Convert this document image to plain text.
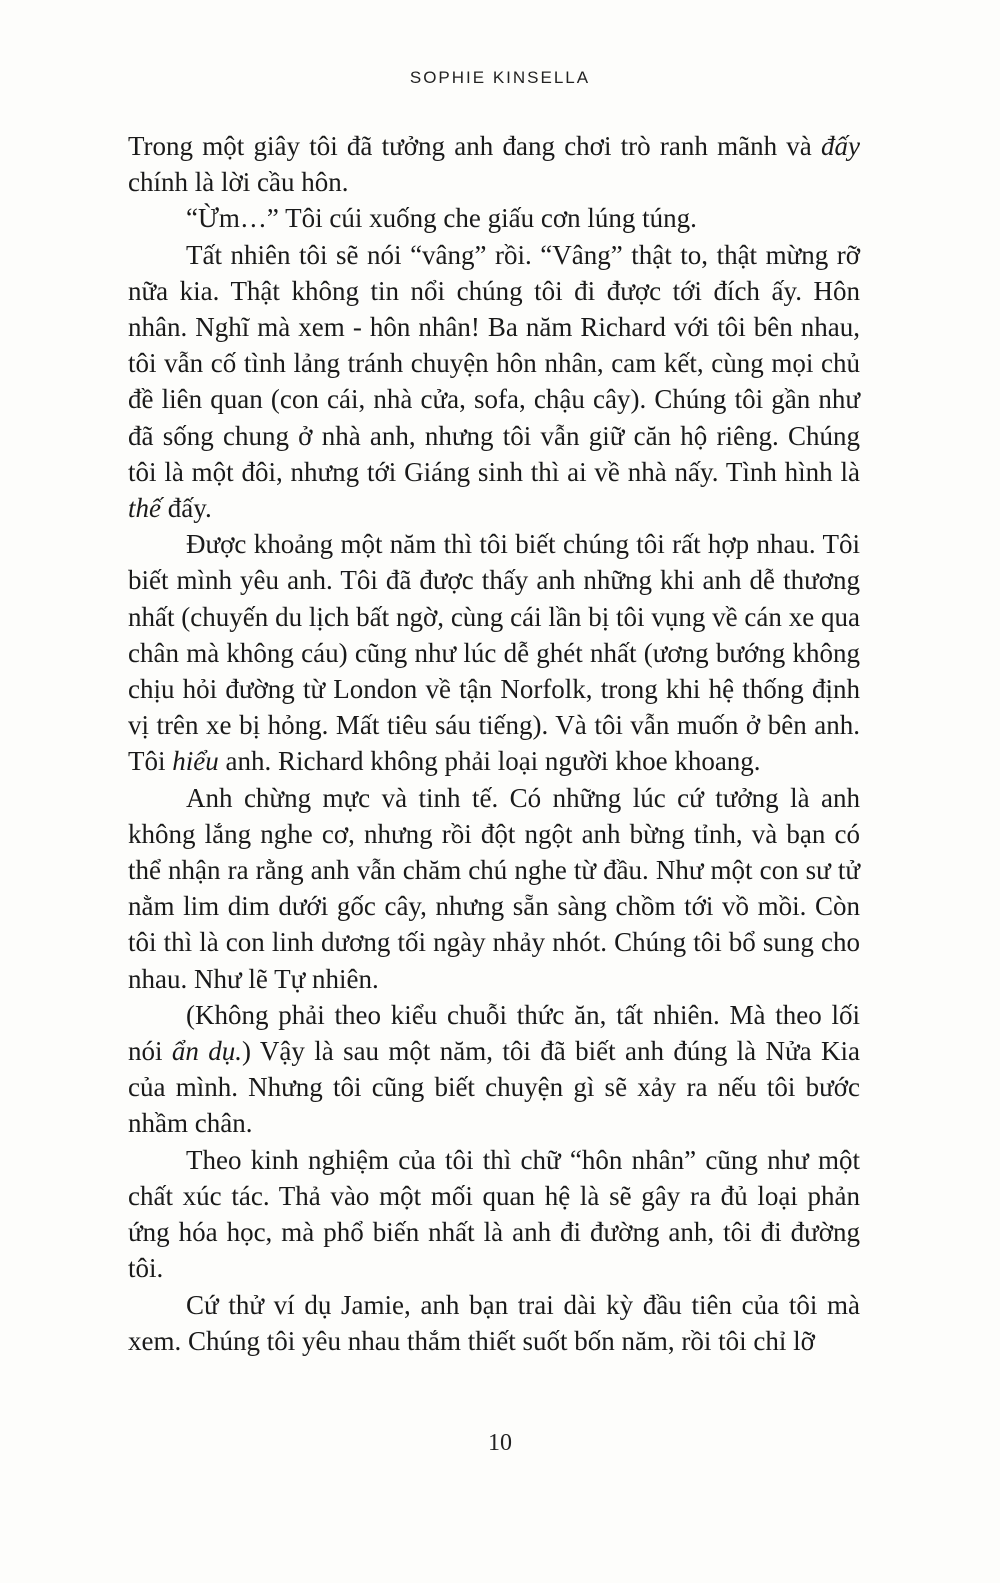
SOPHIE KINSELLA

Trong một giây tôi đã tưởng anh đang chơi trò ranh mãnh và đấy chính là lời cầu hôn.

“Ừm…” Tôi cúi xuống che giấu cơn lúng túng.

Tất nhiên tôi sẽ nói “vâng” rồi. “Vâng” thật to, thật mừng rỡ nữa kia. Thật không tin nổi chúng tôi đi được tới đích ấy. Hôn nhân. Nghĩ mà xem - hôn nhân! Ba năm Richard với tôi bên nhau, tôi vẫn cố tình lảng tránh chuyện hôn nhân, cam kết, cùng mọi chủ đề liên quan (con cái, nhà cửa, sofa, chậu cây). Chúng tôi gần như đã sống chung ở nhà anh, nhưng tôi vẫn giữ căn hộ riêng. Chúng tôi là một đôi, nhưng tới Giáng sinh thì ai về nhà nấy. Tình hình là thế đấy.

Được khoảng một năm thì tôi biết chúng tôi rất hợp nhau. Tôi biết mình yêu anh. Tôi đã được thấy anh những khi anh dễ thương nhất (chuyến du lịch bất ngờ, cùng cái lần bị tôi vụng về cán xe qua chân mà không cáu) cũng như lúc dễ ghét nhất (ương bướng không chịu hỏi đường từ London về tận Norfolk, trong khi hệ thống định vị trên xe bị hỏng. Mất tiêu sáu tiếng). Và tôi vẫn muốn ở bên anh. Tôi hiểu anh. Richard không phải loại người khoe khoang.

Anh chừng mực và tinh tế. Có những lúc cứ tưởng là anh không lắng nghe cơ, nhưng rồi đột ngột anh bừng tỉnh, và bạn có thể nhận ra rằng anh vẫn chăm chú nghe từ đầu. Như một con sư tử nằm lim dim dưới gốc cây, nhưng sẵn sàng chồm tới vồ mồi. Còn tôi thì là con linh dương tối ngày nhảy nhót. Chúng tôi bổ sung cho nhau. Như lẽ Tự nhiên.

(Không phải theo kiểu chuỗi thức ăn, tất nhiên. Mà theo lối nói ẩn dụ.) Vậy là sau một năm, tôi đã biết anh đúng là Nửa Kia của mình. Nhưng tôi cũng biết chuyện gì sẽ xảy ra nếu tôi bước nhầm chân.

Theo kinh nghiệm của tôi thì chữ “hôn nhân” cũng như một chất xúc tác. Thả vào một mối quan hệ là sẽ gây ra đủ loại phản ứng hóa học, mà phổ biến nhất là anh đi đường anh, tôi đi đường tôi.

Cứ thử ví dụ Jamie, anh bạn trai dài kỳ đầu tiên của tôi mà xem. Chúng tôi yêu nhau thắm thiết suốt bốn năm, rồi tôi chỉ lỡ

10
